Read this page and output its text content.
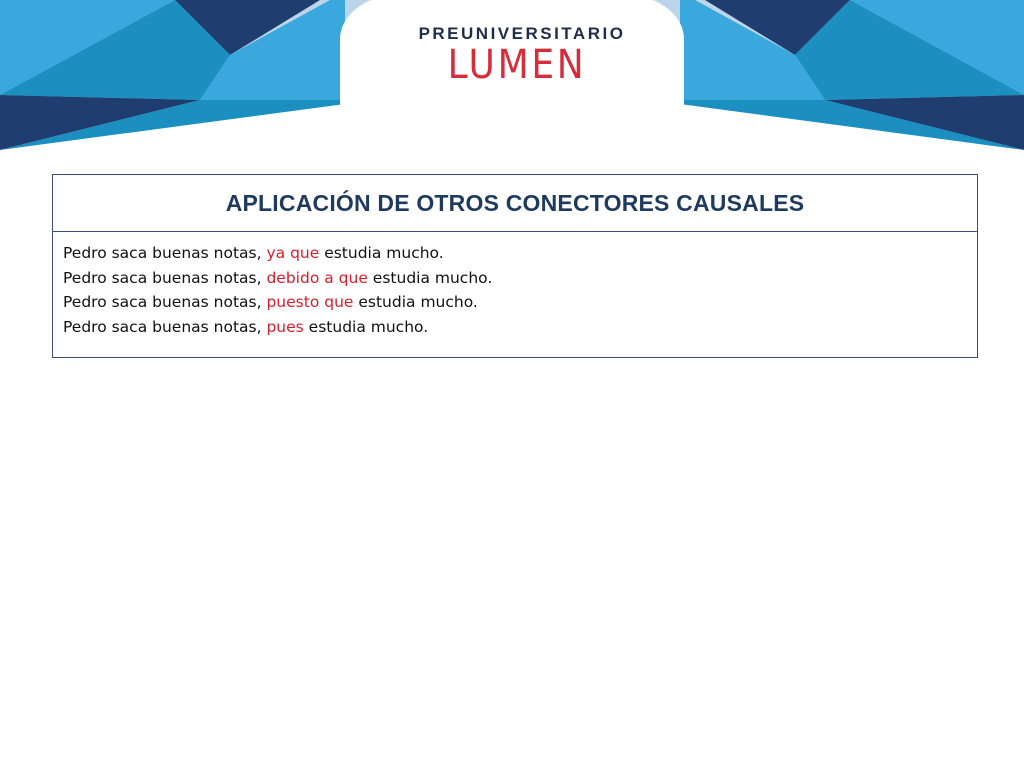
PREUNIVERSITARIO
LUMEN
APLICACIÓN DE OTROS CONECTORES CAUSALES
Pedro saca buenas notas, ya que estudia mucho.
Pedro saca buenas notas, debido a que estudia mucho.
Pedro saca buenas notas, puesto que estudia mucho.
Pedro saca buenas notas, pues estudia mucho.
